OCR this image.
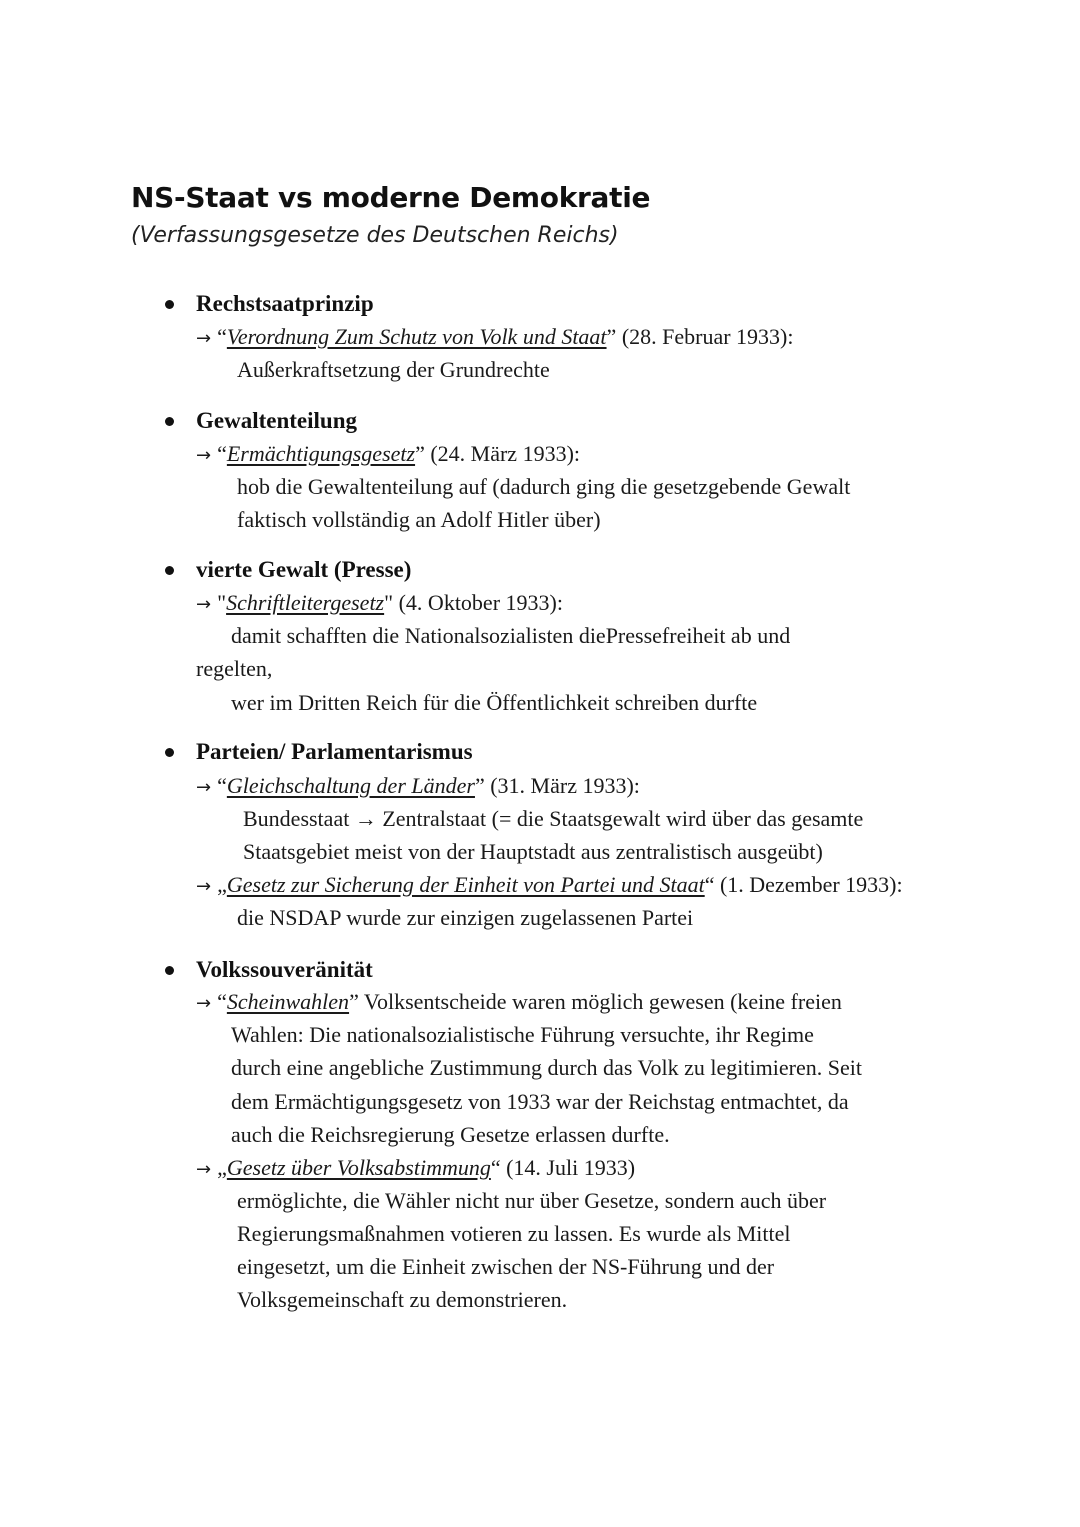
NS-Staat vs moderne Demokratie

(Verfassungsgesetze des Deutschen Reichs)

Rechstsaatprinzip

→ “Verordnung Zum Schutz von Volk und Staat” (28. Februar 1933):

Außerkraftsetzung der Grundrechte

Gewaltenteilung

→ “Ermächtigungsgesetz” (24. März 1933):

hob die Gewaltenteilung auf (dadurch ging die gesetzgebende Gewalt

faktisch vollständig an Adolf Hitler über)

vierte Gewalt (Presse)

→ "Schriftleitergesetz" (4. Oktober 1933):

damit schafften die Nationalsozialisten diePressefreiheit ab und

regelten,

wer im Dritten Reich für die Öffentlichkeit schreiben durfte

Parteien/ Parlamentarismus

→ “Gleichschaltung der Länder” (31. März 1933):

Bundesstaat → Zentralstaat (= die Staatsgewalt wird über das gesamte

Staatsgebiet meist von der Hauptstadt aus zentralistisch ausgeübt)

→ „Gesetz zur Sicherung der Einheit von Partei und Staat“ (1. Dezember 1933):

die NSDAP wurde zur einzigen zugelassenen Partei

Volkssouveränität

→ “Scheinwahlen” Volksentscheide waren möglich gewesen (keine freien

Wahlen: Die nationalsozialistische Führung versuchte, ihr Regime

durch eine angebliche Zustimmung durch das Volk zu legitimieren. Seit

dem Ermächtigungsgesetz von 1933 war der Reichstag entmachtet, da

auch die Reichsregierung Gesetze erlassen durfte.

→ „Gesetz über Volksabstimmung“ (14. Juli 1933)

ermöglichte, die Wähler nicht nur über Gesetze, sondern auch über

Regierungsmaßnahmen votieren zu lassen. Es wurde als Mittel

eingesetzt, um die Einheit zwischen der NS-Führung und der

Volksgemeinschaft zu demonstrieren.
